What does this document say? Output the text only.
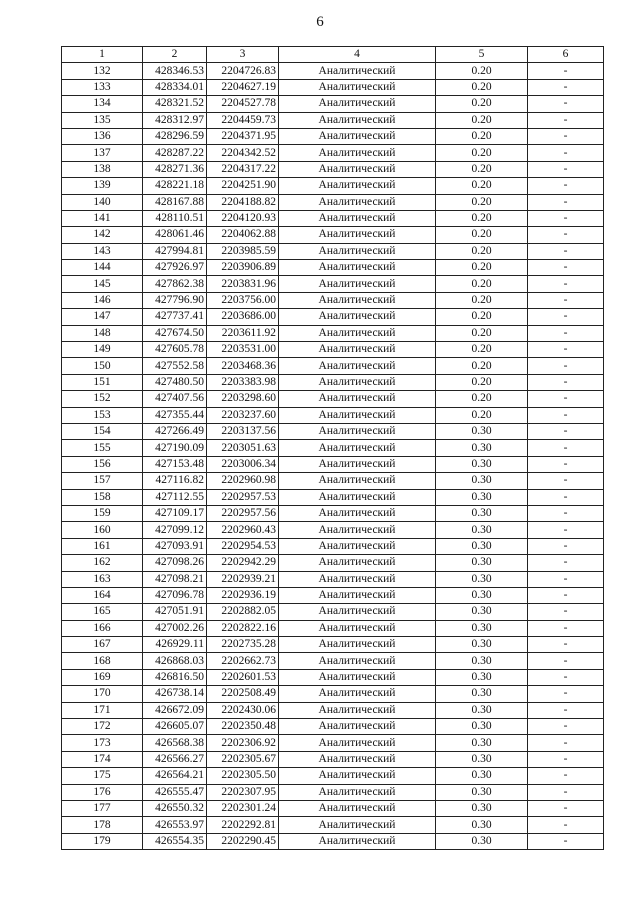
6
1	2	3	4	5	6
132	428346.53	2204726.83	Аналитический	0.20	-
133	428334.01	2204627.19	Аналитический	0.20	-
134	428321.52	2204527.78	Аналитический	0.20	-
135	428312.97	2204459.73	Аналитический	0.20	-
136	428296.59	2204371.95	Аналитический	0.20	-
137	428287.22	2204342.52	Аналитический	0.20	-
138	428271.36	2204317.22	Аналитический	0.20	-
139	428221.18	2204251.90	Аналитический	0.20	-
140	428167.88	2204188.82	Аналитический	0.20	-
141	428110.51	2204120.93	Аналитический	0.20	-
142	428061.46	2204062.88	Аналитический	0.20	-
143	427994.81	2203985.59	Аналитический	0.20	-
144	427926.97	2203906.89	Аналитический	0.20	-
145	427862.38	2203831.96	Аналитический	0.20	-
146	427796.90	2203756.00	Аналитический	0.20	-
147	427737.41	2203686.00	Аналитический	0.20	-
148	427674.50	2203611.92	Аналитический	0.20	-
149	427605.78	2203531.00	Аналитический	0.20	-
150	427552.58	2203468.36	Аналитический	0.20	-
151	427480.50	2203383.98	Аналитический	0.20	-
152	427407.56	2203298.60	Аналитический	0.20	-
153	427355.44	2203237.60	Аналитический	0.20	-
154	427266.49	2203137.56	Аналитический	0.30	-
155	427190.09	2203051.63	Аналитический	0.30	-
156	427153.48	2203006.34	Аналитический	0.30	-
157	427116.82	2202960.98	Аналитический	0.30	-
158	427112.55	2202957.53	Аналитический	0.30	-
159	427109.17	2202957.56	Аналитический	0.30	-
160	427099.12	2202960.43	Аналитический	0.30	-
161	427093.91	2202954.53	Аналитический	0.30	-
162	427098.26	2202942.29	Аналитический	0.30	-
163	427098.21	2202939.21	Аналитический	0.30	-
164	427096.78	2202936.19	Аналитический	0.30	-
165	427051.91	2202882.05	Аналитический	0.30	-
166	427002.26	2202822.16	Аналитический	0.30	-
167	426929.11	2202735.28	Аналитический	0.30	-
168	426868.03	2202662.73	Аналитический	0.30	-
169	426816.50	2202601.53	Аналитический	0.30	-
170	426738.14	2202508.49	Аналитический	0.30	-
171	426672.09	2202430.06	Аналитический	0.30	-
172	426605.07	2202350.48	Аналитический	0.30	-
173	426568.38	2202306.92	Аналитический	0.30	-
174	426566.27	2202305.67	Аналитический	0.30	-
175	426564.21	2202305.50	Аналитический	0.30	-
176	426555.47	2202307.95	Аналитический	0.30	-
177	426550.32	2202301.24	Аналитический	0.30	-
178	426553.97	2202292.81	Аналитический	0.30	-
179	426554.35	2202290.45	Аналитический	0.30	-
